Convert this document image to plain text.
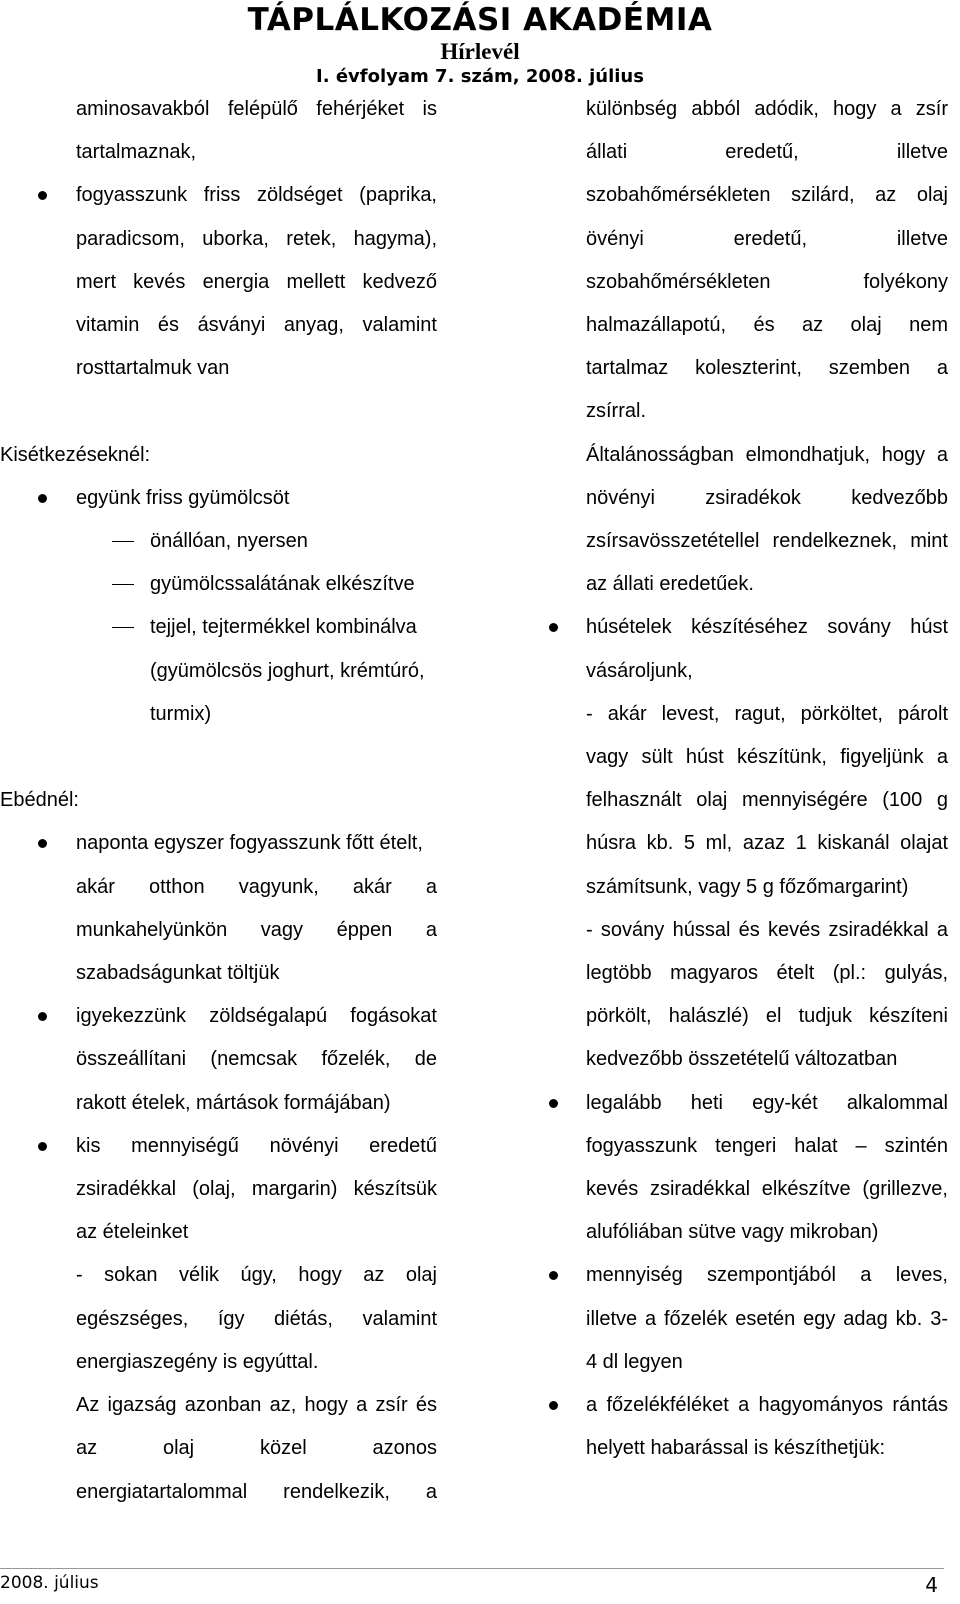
TÁPLÁLKOZÁSI AKADÉMIA
Hírlevél
I. évfolyam 7. szám, 2008. július
aminosavakból felépülő fehérjéket is
tartalmaznak,
fogyasszunk friss zöldséget (paprika,
paradicsom, uborka, retek, hagyma),
mert kevés energia mellett kedvező
vitamin és ásványi anyag, valamint
rosttartalmuk van

Kisétkezéseknél:
együnk friss gyümölcsöt
önállóan, nyersen
gyümölcssalátának elkészítve
tejjel, tejtermékkel kombinálva
(gyümölcsös joghurt, krémtúró,
turmix)

Ebédnél:
naponta egyszer fogyasszunk főtt ételt,
akár otthon vagyunk, akár a
munkahelyünkön vagy éppen a
szabadságunkat töltjük
igyekezzünk zöldségalapú fogásokat
összeállítani (nemcsak főzelék, de
rakott ételek, mártások formájában)
kis mennyiségű növényi eredetű
zsiradékkal (olaj, margarin) készítsük
az ételeinket
- sokan vélik úgy, hogy az olaj
egészséges, így diétás, valamint
energiaszegény is egyúttal.
Az igazság azonban az, hogy a zsír és
az olaj közel azonos
energiatartalommal rendelkezik, a
különbség abból adódik, hogy a zsír
állati eredetű, illetve
szobahőmérsékleten szilárd, az olaj
övényi eredetű, illetve
szobahőmérsékleten folyékony
halmazállapotú, és az olaj nem
tartalmaz koleszterint, szemben a
zsírral.
Általánosságban elmondhatjuk, hogy a
növényi zsiradékok kedvezőbb
zsírsavösszetétellel rendelkeznek, mint
az állati eredetűek.
húsételek készítéséhez sovány húst
vásároljunk,
- akár levest, ragut, pörköltet, párolt
vagy sült húst készítünk, figyeljünk a
felhasznált olaj mennyiségére (100 g
húsra kb. 5 ml, azaz 1 kiskanál olajat
számítsunk, vagy 5 g főzőmargarint)
- sovány hússal és kevés zsiradékkal a
legtöbb magyaros ételt (pl.: gulyás,
pörkölt, halászlé) el tudjuk készíteni
kedvezőbb összetételű változatban
legalább heti egy-két alkalommal
fogyasszunk tengeri halat – szintén
kevés zsiradékkal elkészítve (grillezve,
alufóliában sütve vagy mikroban)
mennyiség szempontjából a leves,
illetve a főzelék esetén egy adag kb. 3-
4 dl legyen
a főzelékféléket a hagyományos rántás
helyett habarással is készíthetjük:
2008. július	4
